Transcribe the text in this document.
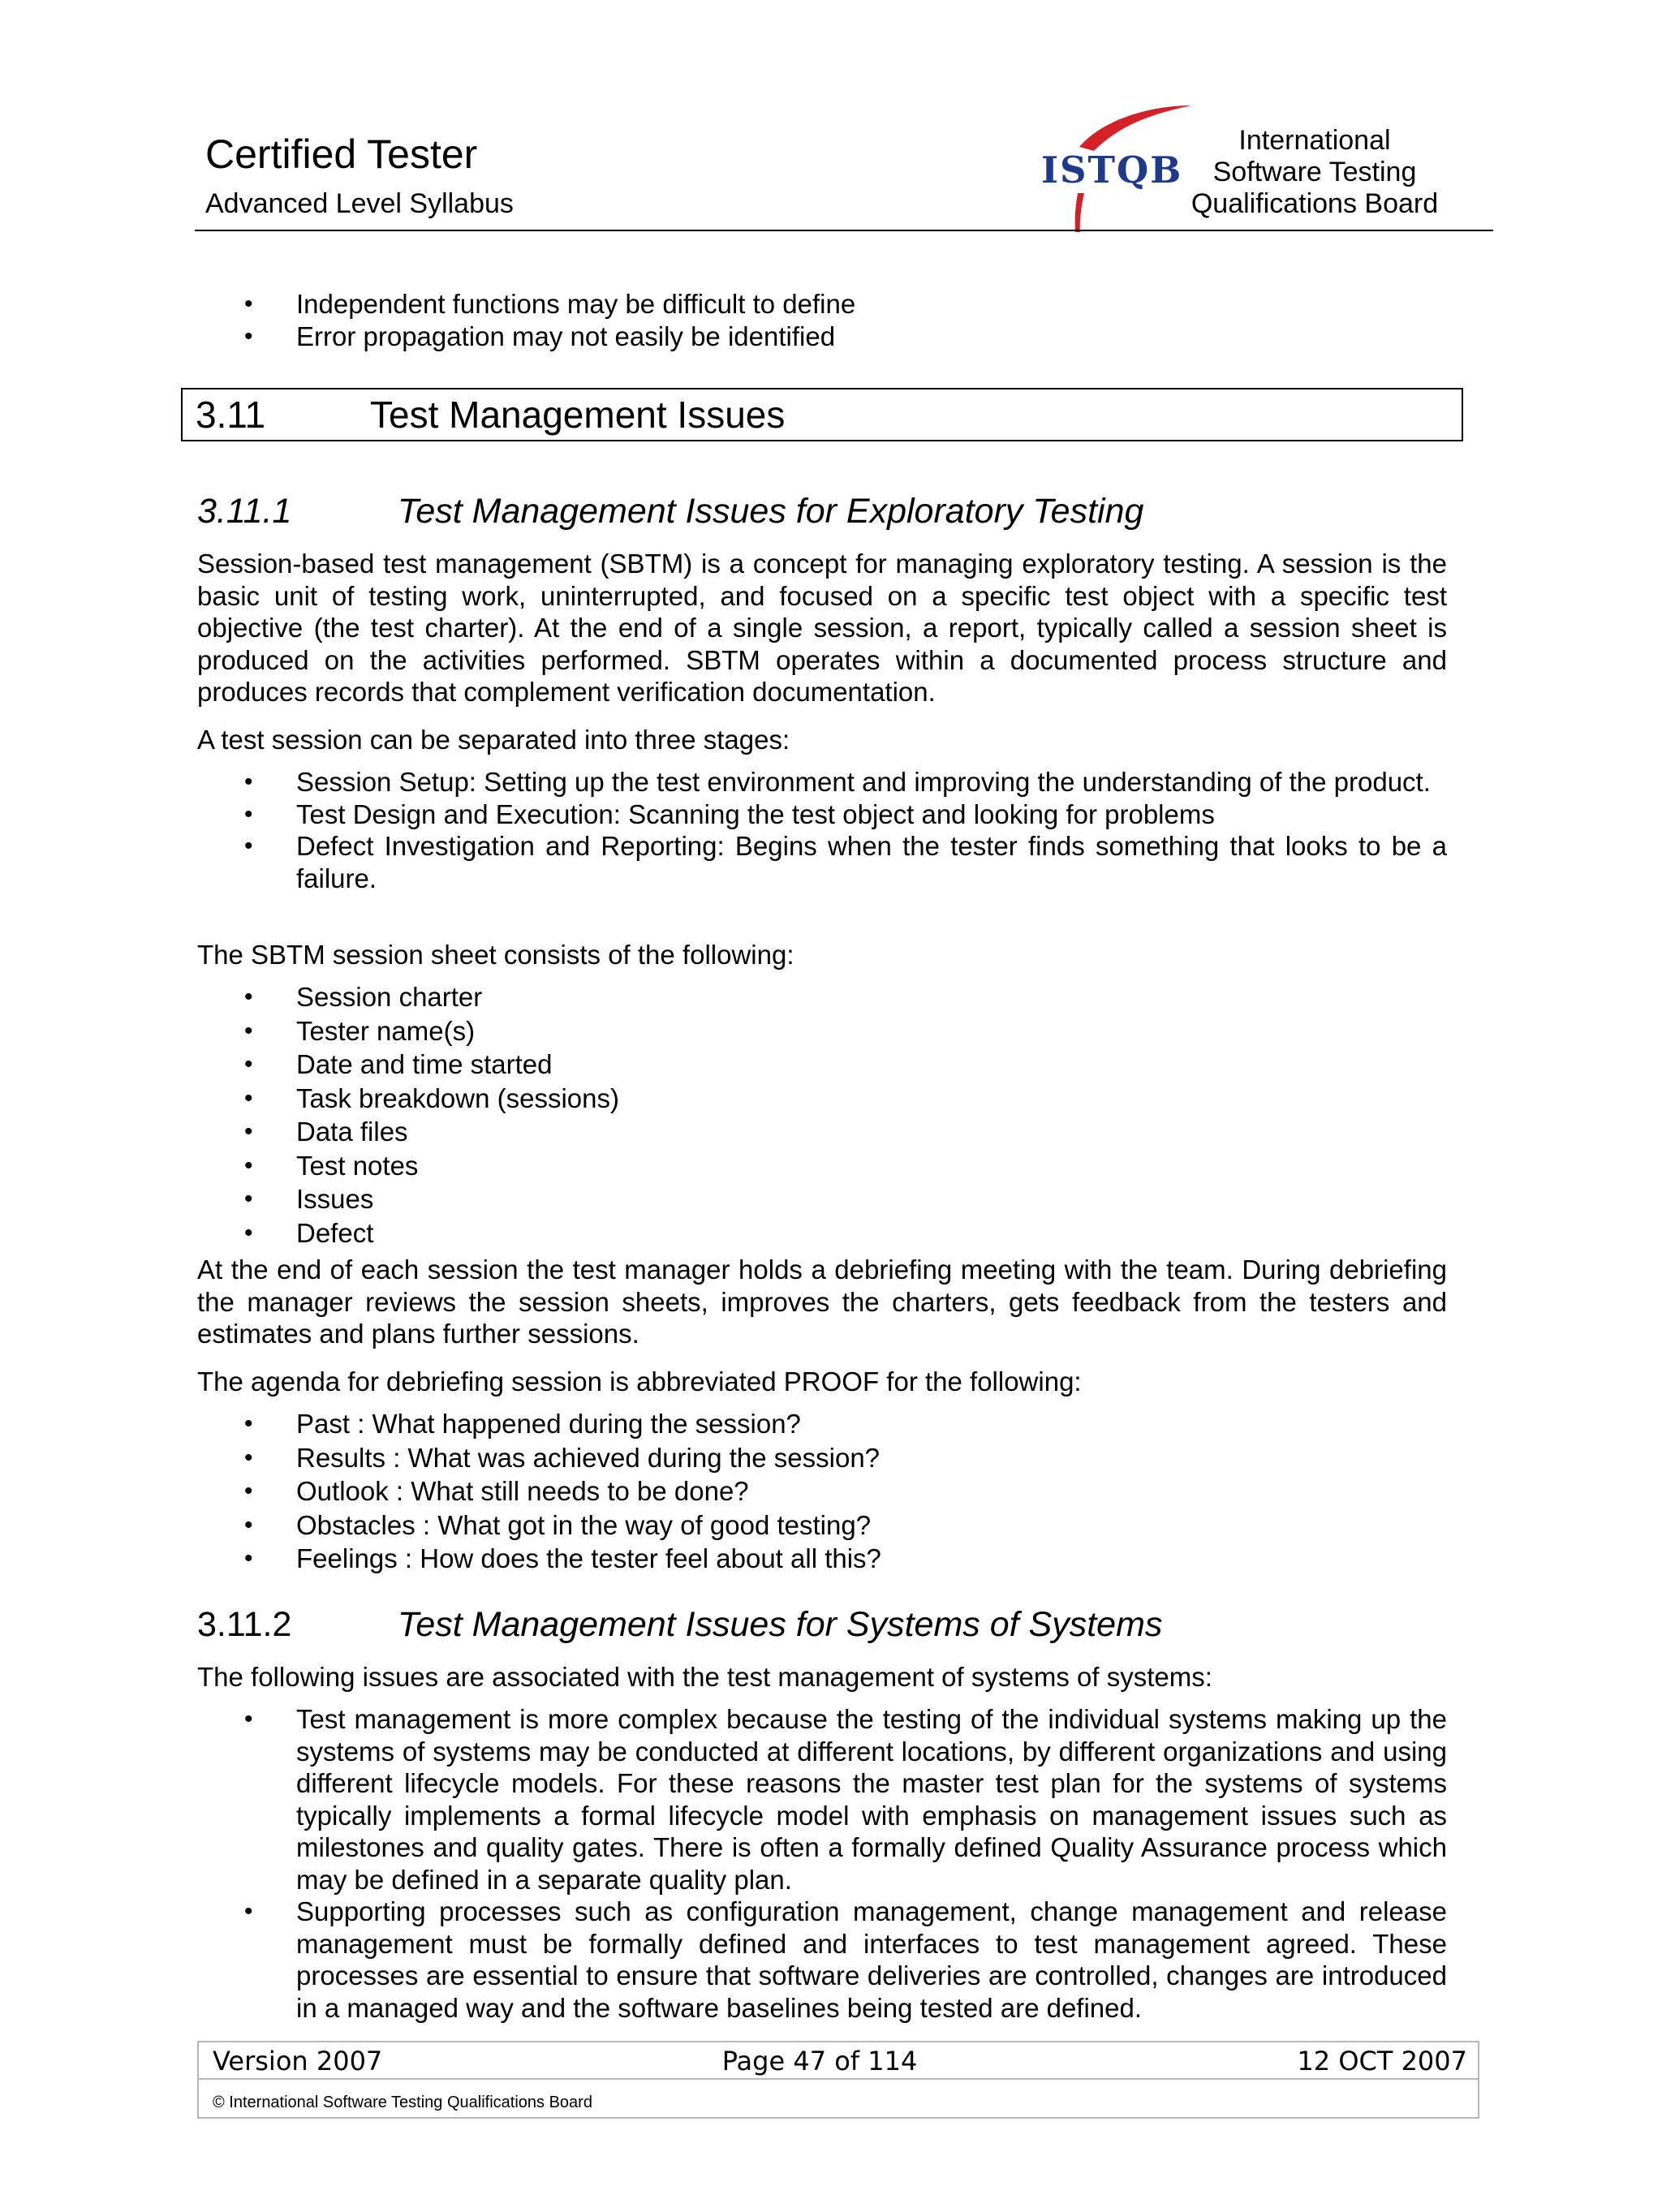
Certified Tester
Advanced Level Syllabus
ISTQB
International
Software Testing
Qualifications Board
• Independent functions may be difficult to define
• Error propagation may not easily be identified
3.11	Test Management Issues
3.11.1	Test Management Issues for Exploratory Testing

Session-based test management (SBTM) is a concept for managing exploratory testing. A session is the basic unit of testing work, uninterrupted, and focused on a specific test object with a specific test objective (the test charter). At the end of a single session, a report, typically called a session sheet is produced on the activities performed. SBTM operates within a documented process structure and produces records that complement verification documentation.

A test session can be separated into three stages:

• Session Setup: Setting up the test environment and improving the understanding of the product.
• Test Design and Execution: Scanning the test object and looking for problems
• Defect Investigation and Reporting: Begins when the tester finds something that looks to be a failure.

The SBTM session sheet consists of the following:

• Session charter
• Tester name(s)
• Date and time started
• Task breakdown (sessions)
• Data files
• Test notes
• Issues
• Defect

At the end of each session the test manager holds a debriefing meeting with the team. During debriefing the manager reviews the session sheets, improves the charters, gets feedback from the testers and estimates and plans further sessions.

The agenda for debriefing session is abbreviated PROOF for the following:

• Past : What happened during the session?
• Results : What was achieved during the session?
• Outlook : What still needs to be done?
• Obstacles : What got in the way of good testing?
• Feelings : How does the tester feel about all this?
3.11.2	Test Management Issues for Systems of Systems

The following issues are associated with the test management of systems of systems:

• Test management is more complex because the testing of the individual systems making up the systems of systems may be conducted at different locations, by different organizations and using different lifecycle models. For these reasons the master test plan for the systems of systems typically implements a formal lifecycle model with emphasis on management issues such as milestones and quality gates. There is often a formally defined Quality Assurance process which may be defined in a separate quality plan.
• Supporting processes such as configuration management, change management and release management must be formally defined and interfaces to test management agreed. These processes are essential to ensure that software deliveries are controlled, changes are introduced in a managed way and the software baselines being tested are defined.
Version 2007	Page 47 of 114	12 OCT 2007
© International Software Testing Qualifications Board
